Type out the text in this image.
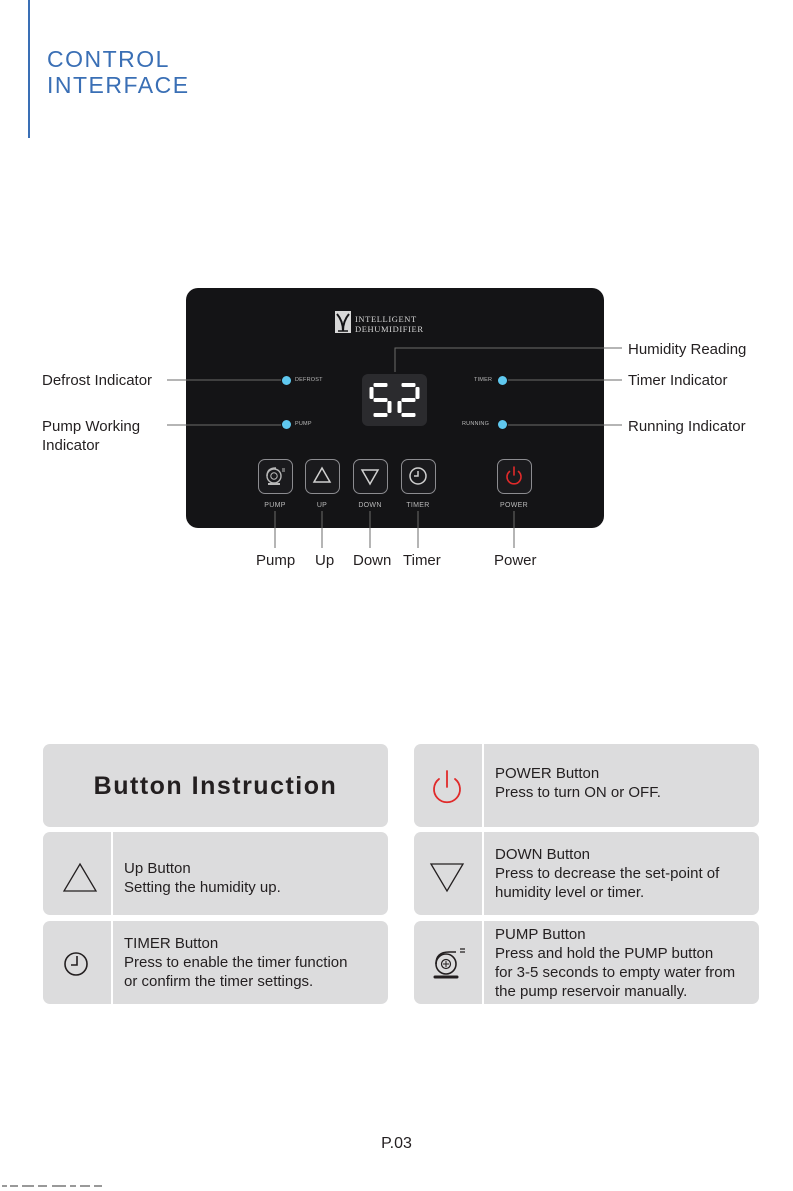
CONTROL
INTERFACE
INTELLIGENT
DEHUMIDIFIER
DEFROST
PUMP
TIMER
RUNNING
PUMP	UP	DOWN	TIMER	POWER
Defrost Indicator
Pump Working
Indicator
Humidity Reading
Timer Indicator
Running Indicator
Pump Up Down Timer	Power
Button Instruction
Up Button
Setting the humidity up.
TIMER Button
Press to enable the timer function
or confirm the timer settings.
POWER Button
Press to turn ON or OFF.
DOWN Button
Press to decrease the set-point of
humidity level or timer.
PUMP Button
Press and hold the PUMP button
for 3-5 seconds to empty water from
the pump reservoir manually.
P.03
